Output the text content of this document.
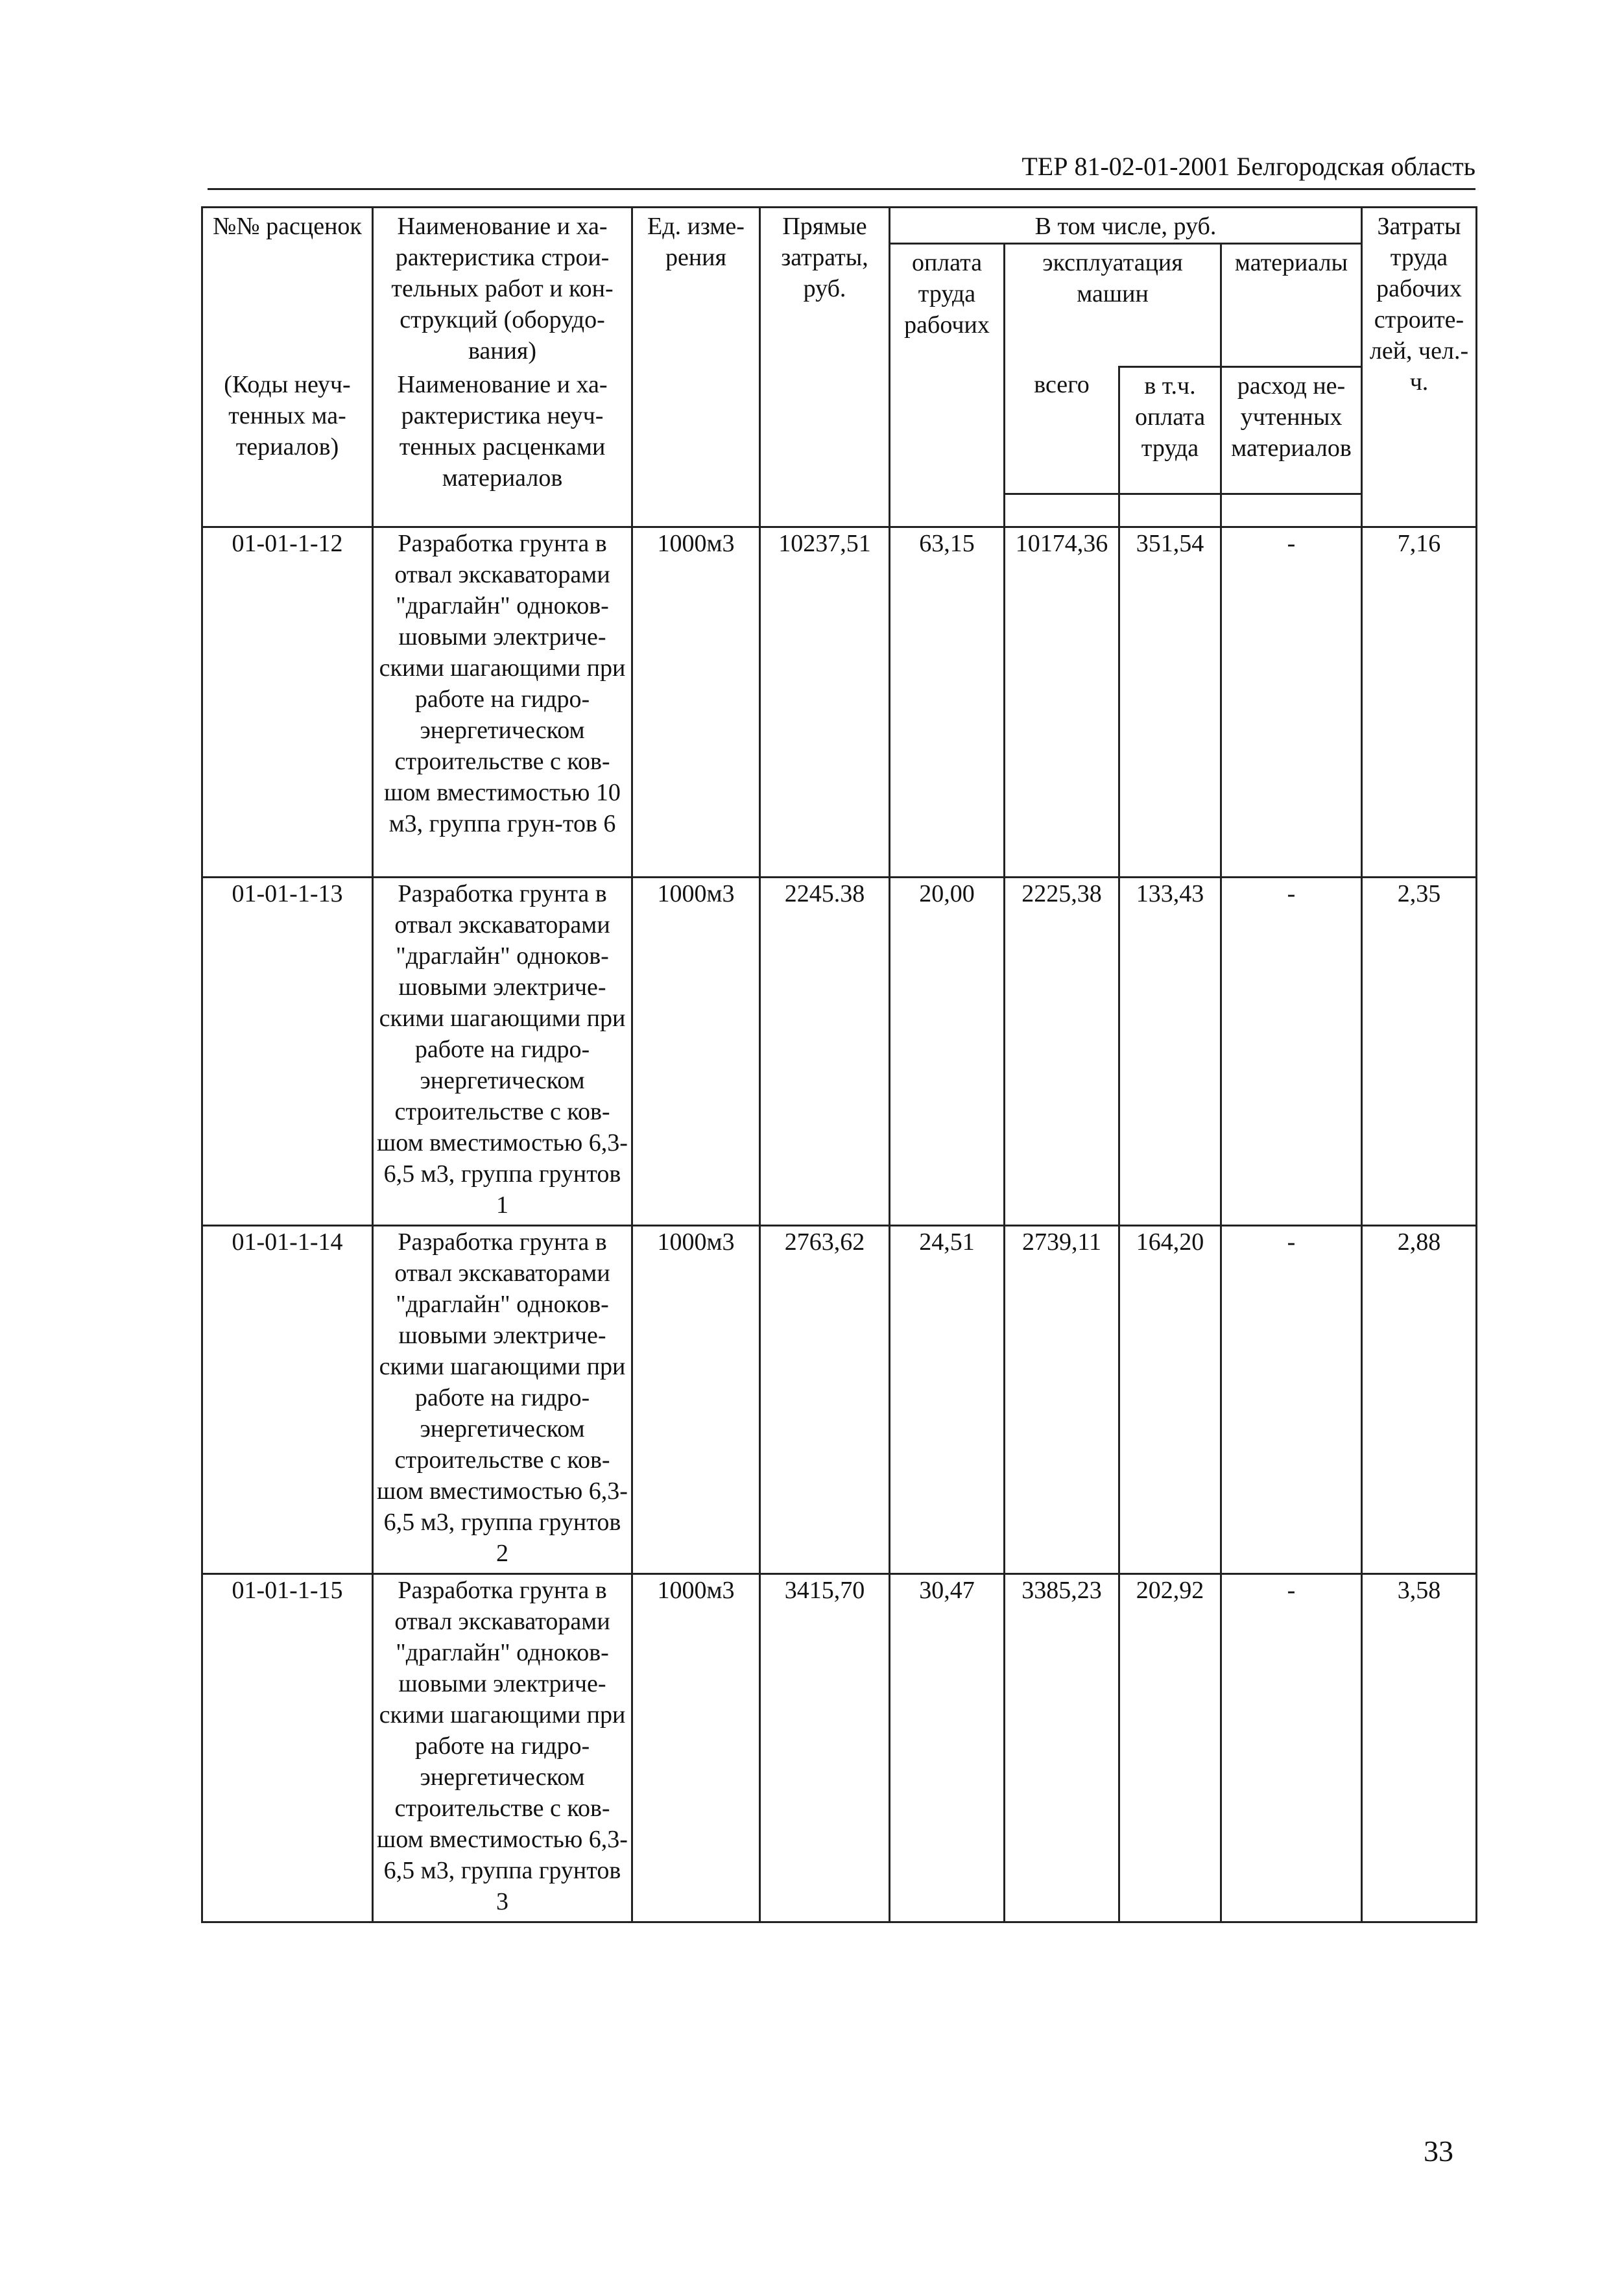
ТЕР 81-02-01-2001 Белгородская область
№№ расценок	Наименование и ха-рактеристика строи-тельных работ и кон-струкций (оборудо-вания)	Ед. изме-рения	Прямые затраты, руб.	В том числе, руб.				Затраты труда рабочих строите-лей, чел.-ч.
				оплата труда рабочих	эксплуатация машин		материалы	
(Коды неуч-тенных ма-териалов)	Наименование и ха-рактеристика неуч-тенных расценками материалов				всего	в т.ч. оплата труда	расход не-учтенных материалов	

01-01-1-12	Разработка грунта в отвал экскаваторами "драглайн" одноков-шовыми электриче-скими шагающими при работе на гидро-энергетическом строительстве с ков-шом вместимостью 10 м3, группа грун-тов 6	1000м3	10237,51	63,15	10174,36	351,54	-	7,16
01-01-1-13	Разработка грунта в отвал экскаваторами "драглайн" одноков-шовыми электриче-скими шагающими при работе на гидро-энергетическом строительстве с ков-шом вместимостью 6,3-6,5 м3, группа грунтов 1	1000м3	2245.38	20,00	2225,38	133,43	-	2,35
01-01-1-14	Разработка грунта в отвал экскаваторами "драглайн" одноков-шовыми электриче-скими шагающими при работе на гидро-энергетическом строительстве с ков-шом вместимостью 6,3-6,5 м3, группа грунтов 2	1000м3	2763,62	24,51	2739,11	164,20	-	2,88
01-01-1-15	Разработка грунта в отвал экскаваторами "драглайн" одноков-шовыми электриче-скими шагающими при работе на гидро-энергетическом строительстве с ков-шом вместимостью 6,3-6,5 м3, группа грунтов 3	1000м3	3415,70	30,47	3385,23	202,92	-	3,58
33
